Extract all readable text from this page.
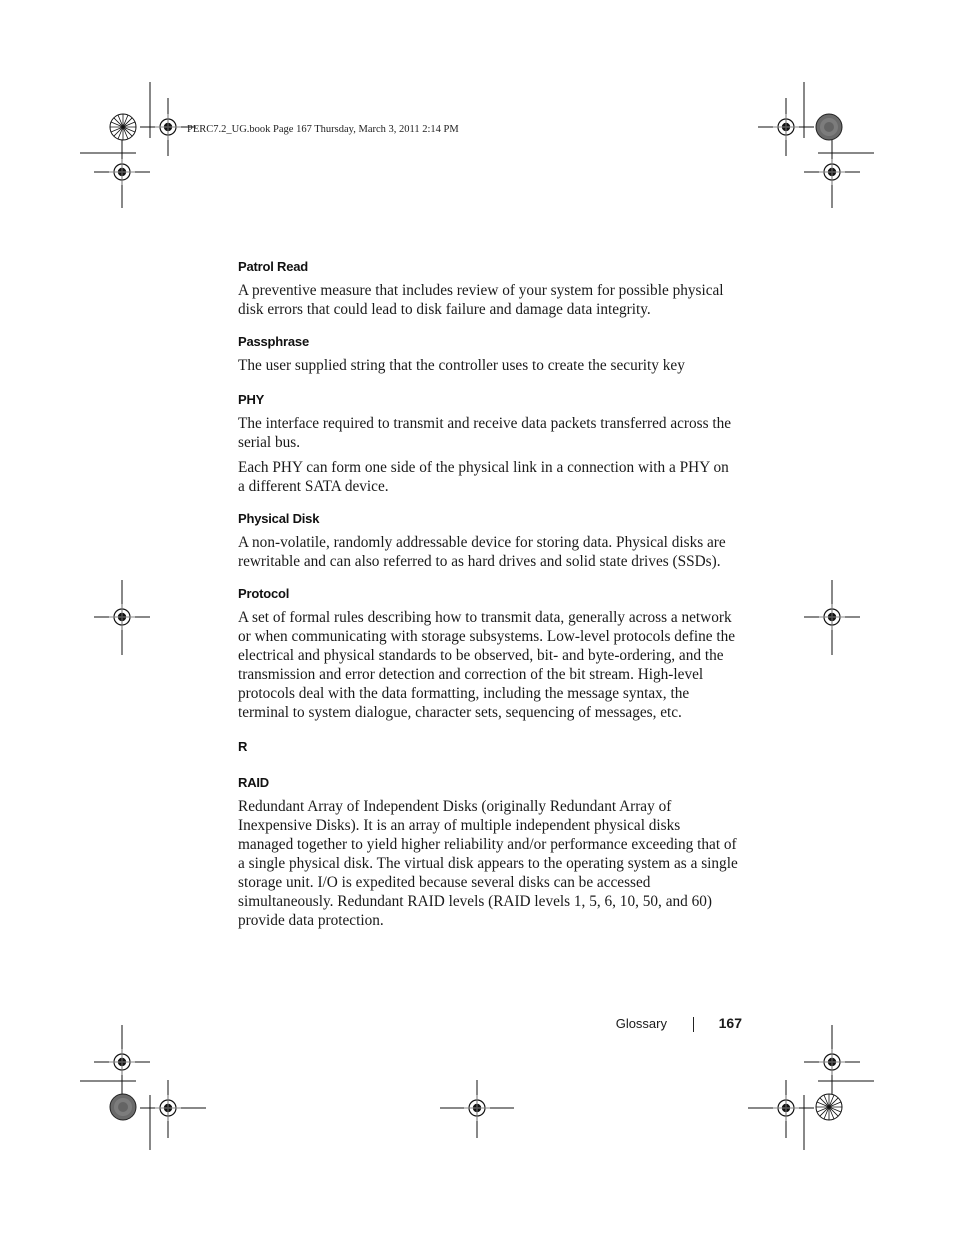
PERC7.2_UG.book Page 167 Thursday, March 3, 2011 2:14 PM

Patrol Read

A preventive measure that includes review of your system for possible physical disk errors that could lead to disk failure and damage data integrity.

Passphrase

The user supplied string that the controller uses to create the security key

PHY

The interface required to transmit and receive data packets transferred across the serial bus.

Each PHY can form one side of the physical link in a connection with a PHY on a different SATA device.

Physical Disk

A non-volatile, randomly addressable device for storing data. Physical disks are rewritable and can also referred to as hard drives and solid state drives (SSDs).

Protocol

A set of formal rules describing how to transmit data, generally across a network or when communicating with storage subsystems. Low-level protocols define the electrical and physical standards to be observed, bit- and byte-ordering, and the transmission and error detection and correction of the bit stream. High-level protocols deal with the data formatting, including the message syntax, the terminal to system dialogue, character sets, sequencing of messages, etc.

R

RAID

Redundant Array of Independent Disks (originally Redundant Array of Inexpensive Disks). It is an array of multiple independent physical disks managed together to yield higher reliability and/or performance exceeding that of a single physical disk. The virtual disk appears to the operating system as a single storage unit. I/O is expedited because several disks can be accessed simultaneously. Redundant RAID levels (RAID levels 1, 5, 6, 10, 50, and 60) provide data protection.

Glossary	167
